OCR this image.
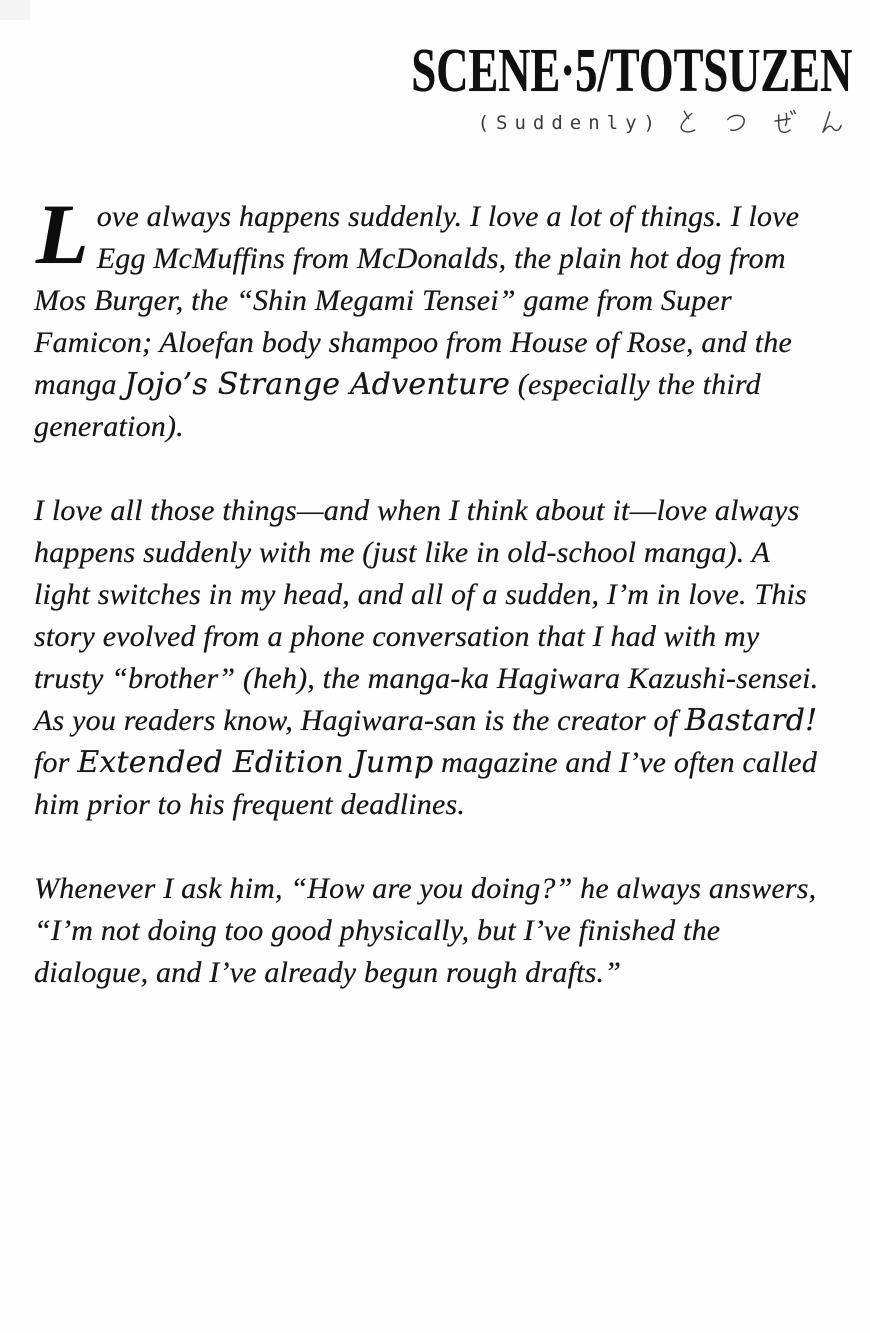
SCENE·5/TOTSUZEN
(Suddenly)

Love always happens suddenly. I love a lot of things. I love Egg McMuffins from McDonalds, the plain hot dog from Mos Burger, the “Shin Megami Tensei” game from Super Famicon; Aloefan body shampoo from House of Rose, and the manga Jojo’s Strange Adventure (especially the third generation).

I love all those things—and when I think about it—love always happens suddenly with me (just like in old-school manga). A light switches in my head, and all of a sudden, I’m in love. This story evolved from a phone conversation that I had with my trusty “brother” (heh), the manga-ka Hagiwara Kazushi-sensei. As you readers know, Hagiwara-san is the creator of Bastard! for Extended Edition Jump magazine and I’ve often called him prior to his frequent deadlines.

Whenever I ask him, “How are you doing?” he always answers, “I’m not doing too good physically, but I’ve finished the dialogue, and I’ve already begun rough drafts.”
